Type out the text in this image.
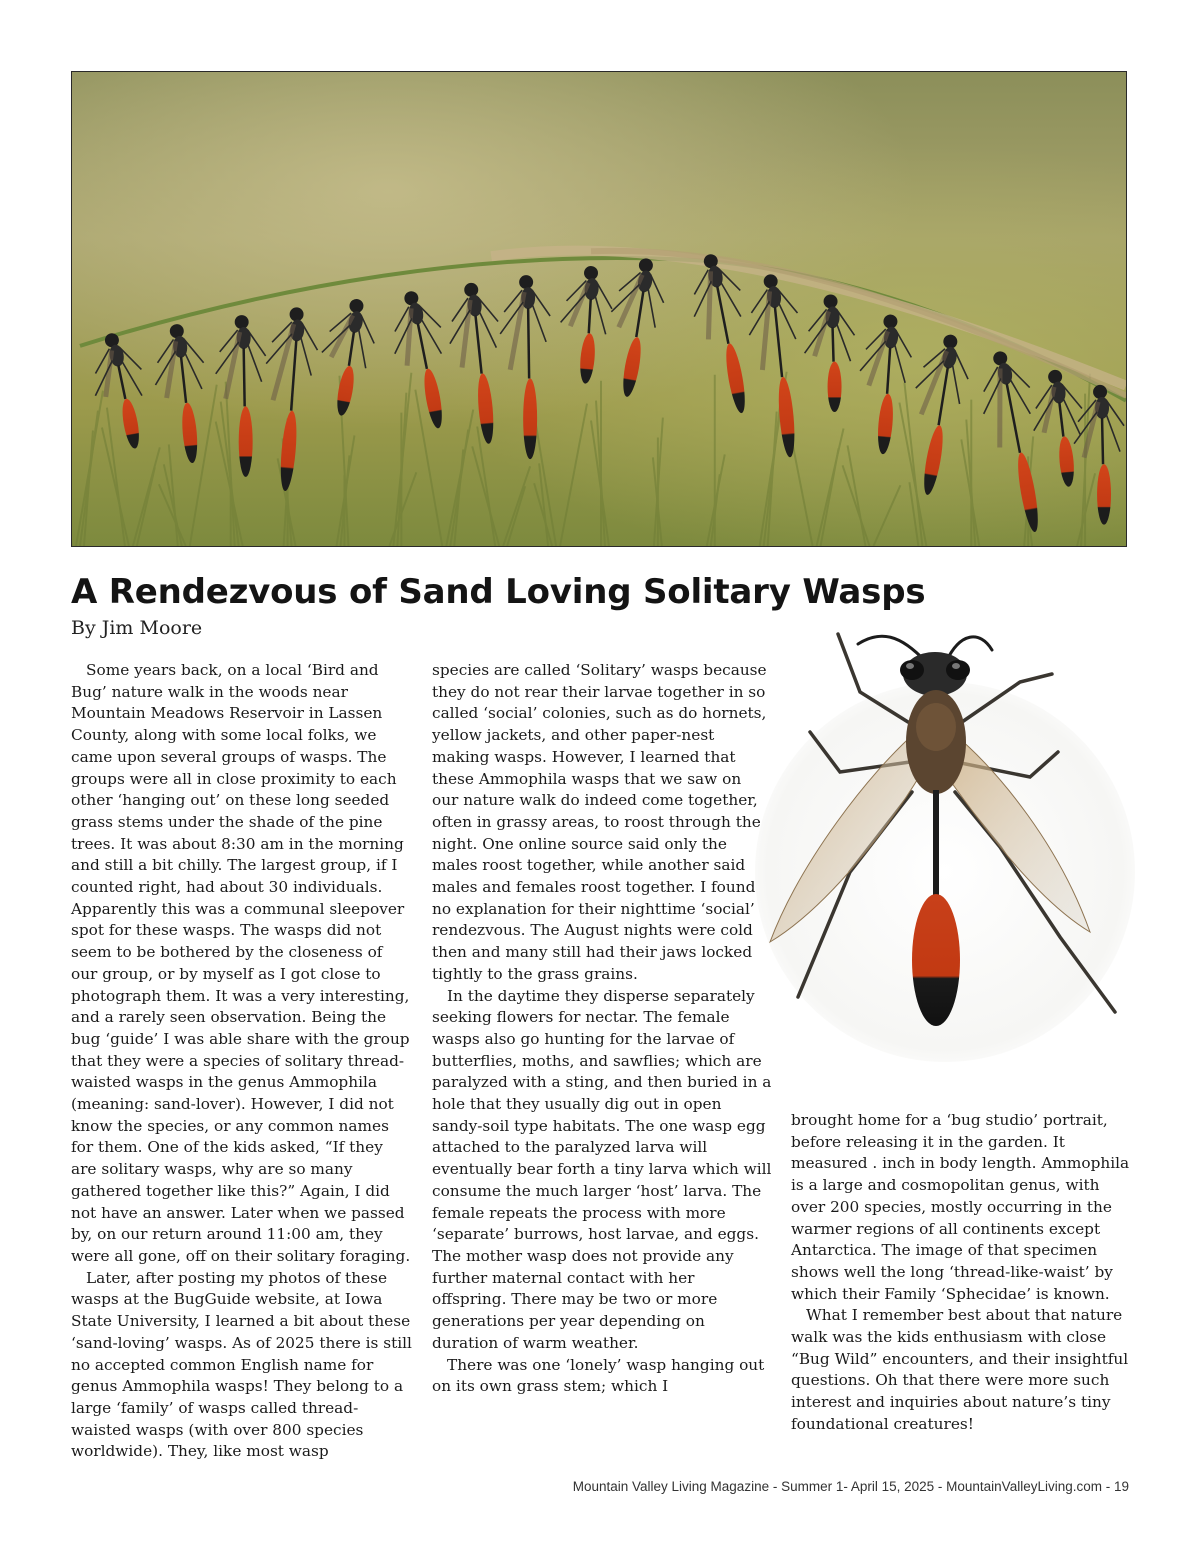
A Rendezvous of Sand Loving Solitary Wasps
By Jim Moore

Some years back, on a local ‘Bird and Bug’ nature walk in the woods near Mountain Meadows Reservoir in Lassen County, along with some local folks, we came upon several groups of wasps. The groups were all in close proximity to each other ‘hanging out’ on these long seeded grass stems under the shade of the pine trees. It was about 8:30 am in the morning and still a bit chilly. The largest group, if I counted right, had about 30 individuals. Apparently this was a communal sleepover spot for these wasps. The wasps did not seem to be bothered by the closeness of our group, or by myself as I got close to photograph them. It was a very interesting, and a rarely seen observation. Being the bug ‘guide’ I was able share with the group that they were a species of solitary thread-waisted wasps in the genus Ammophila (meaning: sand-lover). However, I did not know the species, or any common names for them. One of the kids asked, “If they are solitary wasps, why are so many gathered together like this?” Again, I did not have an answer. Later when we passed by, on our return around 11:00 am, they were all gone, off on their solitary foraging.

Later, after posting my photos of these wasps at the BugGuide website, at Iowa State University, I learned a bit about these ‘sand-loving’ wasps. As of 2025 there is still no accepted common English name for genus Ammophila wasps! They belong to a large ‘family’ of wasps called thread-waisted wasps (with over 800 species worldwide). They, like most wasp

species are called ‘Solitary’ wasps because they do not rear their larvae together in so called ‘social’ colonies, such as do hornets, yellow jackets, and other paper-nest making wasps. However, I learned that these Ammophila wasps that we saw on our nature walk do indeed come together, often in grassy areas, to roost through the night. One online source said only the males roost together, while another said males and females roost together. I found no explanation for their nighttime ‘social’ rendezvous. The August nights were cold then and many still had their jaws locked tightly to the grass grains.

In the daytime they disperse separately seeking flowers for nectar. The female wasps also go hunting for the larvae of butterflies, moths, and sawflies; which are paralyzed with a sting, and then buried in a hole that they usually dig out in open sandy-soil type habitats. The one wasp egg attached to the paralyzed larva will eventually bear forth a tiny larva which will consume the much larger ‘host’ larva. The female repeats the process with more ‘separate’ burrows, host larvae, and eggs. The mother wasp does not provide any further maternal contact with her offspring. There may be two or more generations per year depending on duration of warm weather.

There was one ‘lonely’ wasp hanging out on its own grass stem; which I

brought home for a ‘bug studio’ portrait, before releasing it in the garden. It measured . inch in body length. Ammophila is a large and cosmopolitan genus, with over 200 species, mostly occurring in the warmer regions of all continents except Antarctica. The image of that specimen shows well the long ‘thread-like-waist’ by which their Family ‘Sphecidae’ is known.

What I remember best about that nature walk was the kids enthusiasm with close “Bug Wild” encounters, and their insightful questions. Oh that there were more such interest and inquiries about nature’s tiny foundational creatures!

Mountain Valley Living Magazine - Summer 1- April 15, 2025 - MountainValleyLiving.com - 19
